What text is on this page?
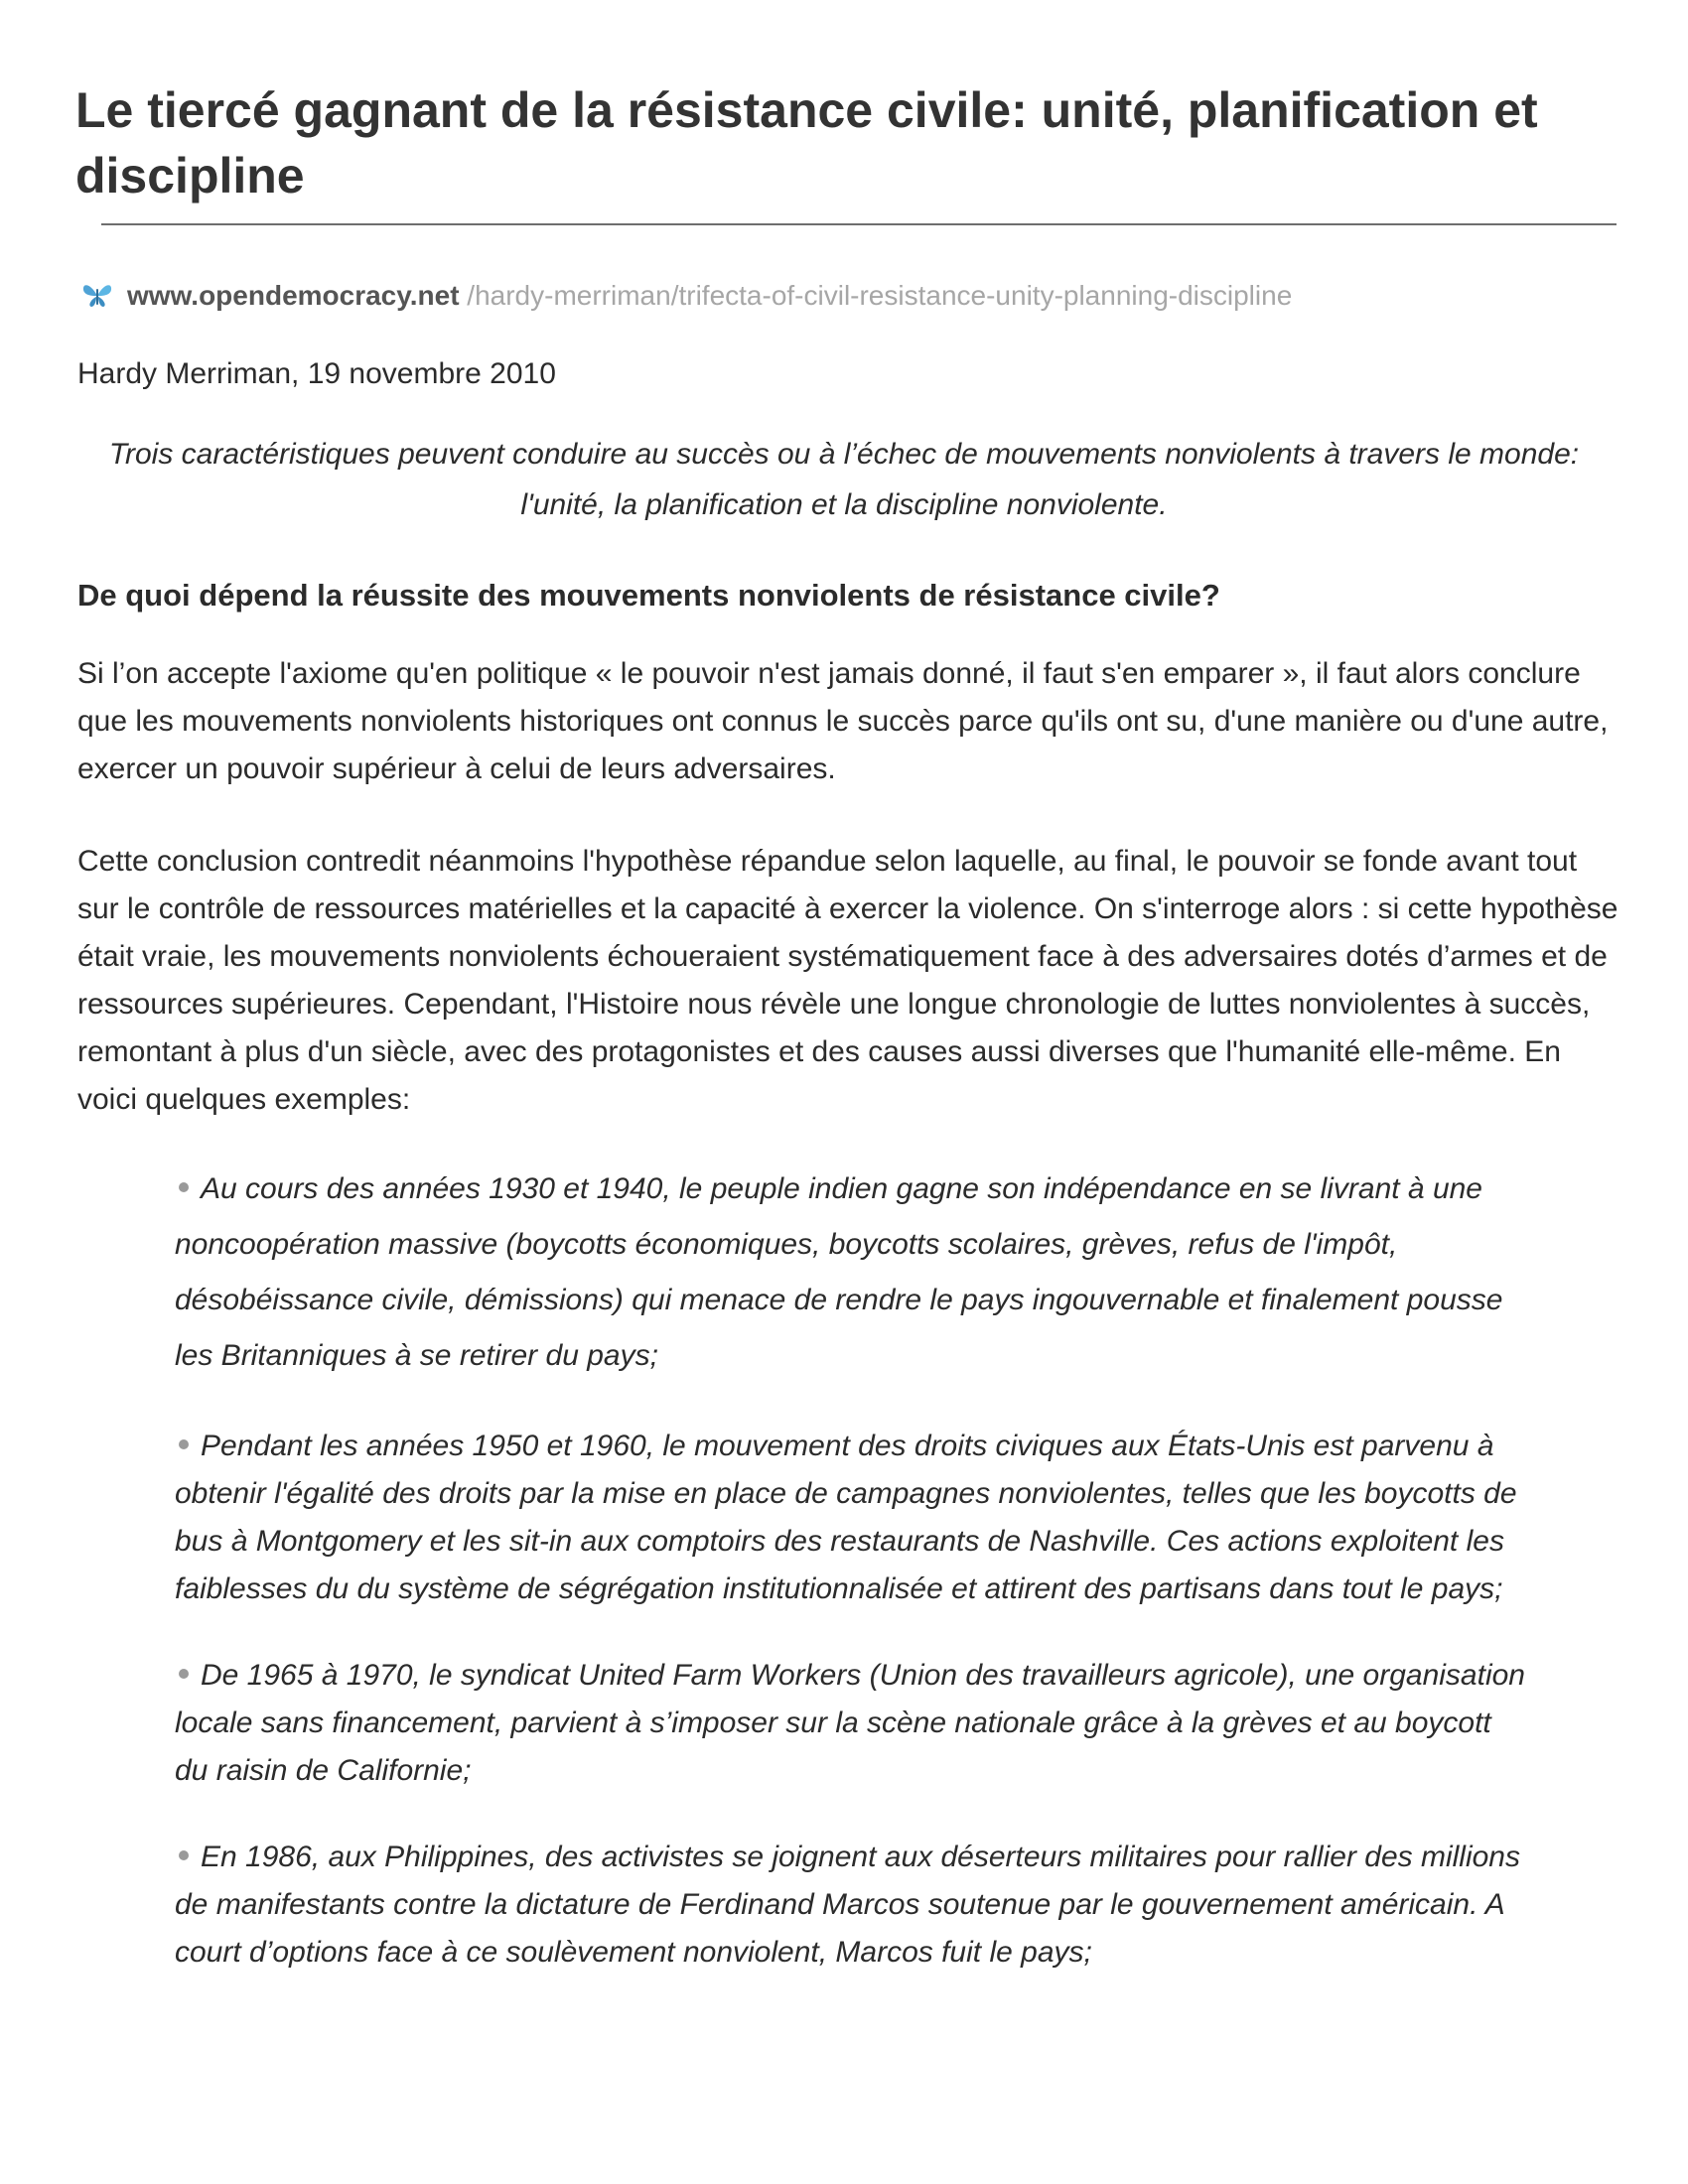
Le tiercé gagnant de la résistance civile: unité, planification et discipline
www.opendemocracy.net /hardy-merriman/trifecta-of-civil-resistance-unity-planning-discipline
Hardy Merriman, 19 novembre 2010

Trois caractéristiques peuvent conduire au succès ou à l’échec de mouvements nonviolents à travers le monde: l'unité, la planification et la discipline nonviolente.

De quoi dépend la réussite des mouvements nonviolents de résistance civile?

Si l’on accepte l'axiome qu'en politique « le pouvoir n'est jamais donné, il faut s'en emparer », il faut alors conclure que les mouvements nonviolents historiques ont connus le succès parce qu'ils ont su, d'une manière ou d'une autre, exercer un pouvoir supérieur à celui de leurs adversaires.

Cette conclusion contredit néanmoins l'hypothèse répandue selon laquelle, au final, le pouvoir se fonde avant tout sur le contrôle de ressources matérielles et la capacité à exercer la violence. On s'interroge alors : si cette hypothèse était vraie, les mouvements nonviolents échoueraient systématiquement face à des adversaires dotés d’armes et de ressources supérieures. Cependant, l'Histoire nous révèle une longue chronologie de luttes nonviolentes à succès, remontant à plus d'un siècle, avec des protagonistes et des causes aussi diverses que l'humanité elle-même. En voici quelques exemples:

Au cours des années 1930 et 1940, le peuple indien gagne son indépendance en se livrant à une noncoopération massive (boycotts économiques, boycotts scolaires, grèves, refus de l'impôt, désobéissance civile, démissions) qui menace de rendre le pays ingouvernable et finalement pousse les Britanniques à se retirer du pays;
Pendant les années 1950 et 1960, le mouvement des droits civiques aux États-Unis est parvenu à obtenir l'égalité des droits par la mise en place de campagnes nonviolentes, telles que les boycotts de bus à Montgomery et les sit-in aux comptoirs des restaurants de Nashville. Ces actions exploitent les faiblesses du du système de ségrégation institutionnalisée et attirent des partisans dans tout le pays;
De 1965 à 1970, le syndicat United Farm Workers (Union des travailleurs agricole), une organisation locale sans financement, parvient à s’imposer sur la scène nationale grâce à la grèves et au boycott du raisin de Californie;
En 1986, aux Philippines, des activistes se joignent aux déserteurs militaires pour rallier des millions de manifestants contre la dictature de Ferdinand Marcos soutenue par le gouvernement américain. A court d’options face à ce soulèvement nonviolent, Marcos fuit le pays;
